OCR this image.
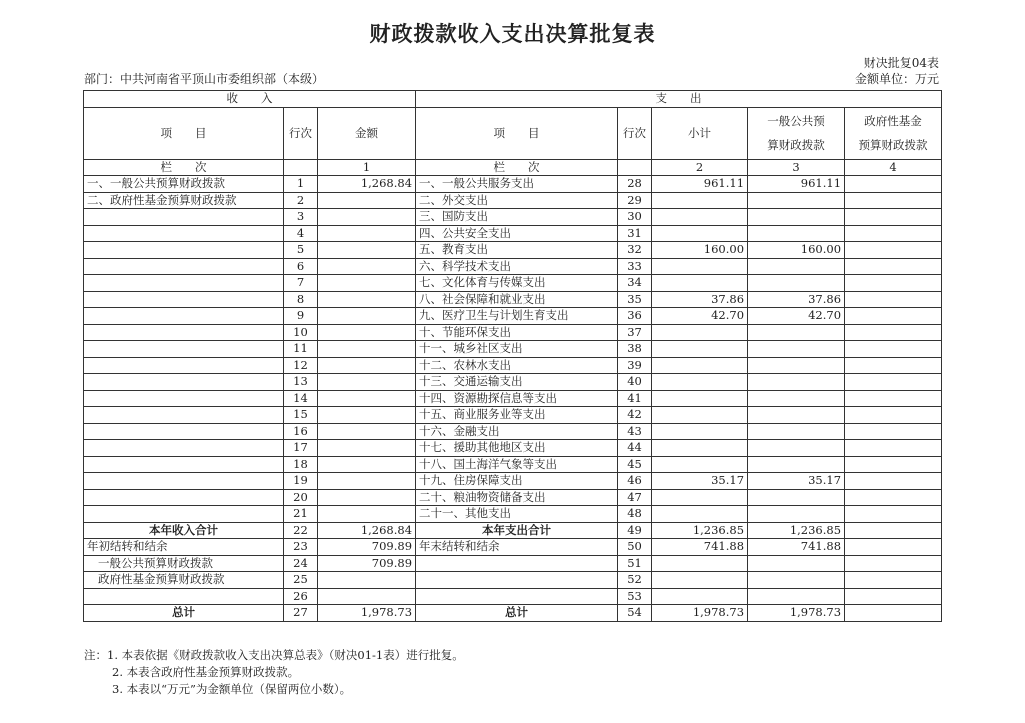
财政拨款收入支出决算批复表
财决批复04表
部门：中共河南省平顶山市委组织部（本级）	金额单位：万元
收　　入			支　　出				
项　　目	行次	金额	项　　目	行次	小计	一般公共预
算财政拨款	政府性基金
预算财政拨款

栏　　次		1	栏　　次		2	3	4
一、一般公共预算财政拨款	1	1,268.84	一、一般公共服务支出	28	961.11	961.11	
二、政府性基金预算财政拨款	2		二、外交支出	29			
	3		三、国防支出	30			
	4		四、公共安全支出	31			
	5		五、教育支出	32	160.00	160.00	
	6		六、科学技术支出	33			
	7		七、文化体育与传媒支出	34			
	8		八、社会保障和就业支出	35	37.86	37.86	
	9		九、医疗卫生与计划生育支出	36	42.70	42.70	
	10		十、节能环保支出	37			
	11		十一、城乡社区支出	38			
	12		十二、农林水支出	39			
	13		十三、交通运输支出	40			
	14		十四、资源勘探信息等支出	41			
	15		十五、商业服务业等支出	42			
	16		十六、金融支出	43			
	17		十七、援助其他地区支出	44			
	18		十八、国土海洋气象等支出	45			
	19		十九、住房保障支出	46	35.17	35.17	
	20		二十、粮油物资储备支出	47			
	21		二十一、其他支出	48			
本年收入合计	22	1,268.84	本年支出合计	49	1,236.85	1,236.85	
年初结转和结余	23	709.89	年末结转和结余	50	741.88	741.88	
一般公共预算财政拨款	24	709.89		51			
政府性基金预算财政拨款	25			52			
	26			53			
总计	27	1,978.73	总计	54	1,978.73	1,978.73	
注：1. 本表依据《财政拨款收入支出决算总表》（财决01-1表）进行批复。
2. 本表含政府性基金预算财政拨款。
3. 本表以“万元”为金额单位（保留两位小数）。
